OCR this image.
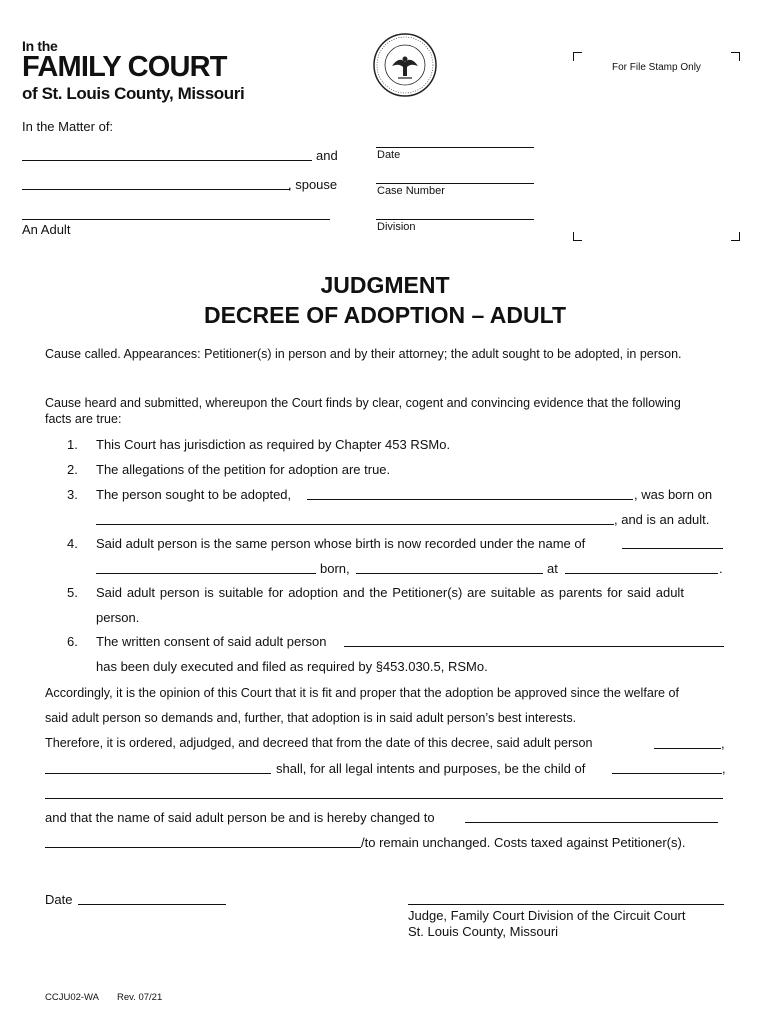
In the
FAMILY COURT
of St. Louis County, Missouri
For File Stamp Only
In the Matter of:
and
, spouse
An Adult
Date
Case Number
Division
JUDGMENT
DECREE OF ADOPTION – ADULT
Cause called. Appearances: Petitioner(s) in person and by their attorney; the adult sought to be adopted, in person.
Cause heard and submitted, whereupon the Court finds by clear, cogent and convincing evidence that the following
facts are true:
1. This Court has jurisdiction as required by Chapter 453 RSMo.
2. The allegations of the petition for adoption are true.
3. The person sought to be adopted,	, was born on
, and is an adult.
4. Said adult person is the same person whose birth is now recorded under the name of
born,	at	.
5. Said adult person is suitable for adoption and the Petitioner(s) are suitable as parents for said adult
person.
6. The written consent of said adult person
has been duly executed and filed as required by §453.030.5, RSMo.
Accordingly, it is the opinion of this Court that it is fit and proper that the adoption be approved since the welfare of
said adult person so demands and, further, that adoption is in said adult person’s best interests.
Therefore, it is ordered, adjudged, and decreed that from the date of this decree, said adult person	,
shall, for all legal intents and purposes, be the child of	,
and that the name of said adult person be and is hereby changed to
/to remain unchanged. Costs taxed against Petitioner(s).
Date
Judge, Family Court Division of the Circuit Court
St. Louis County, Missouri
CCJU02-WA Rev. 07/21
